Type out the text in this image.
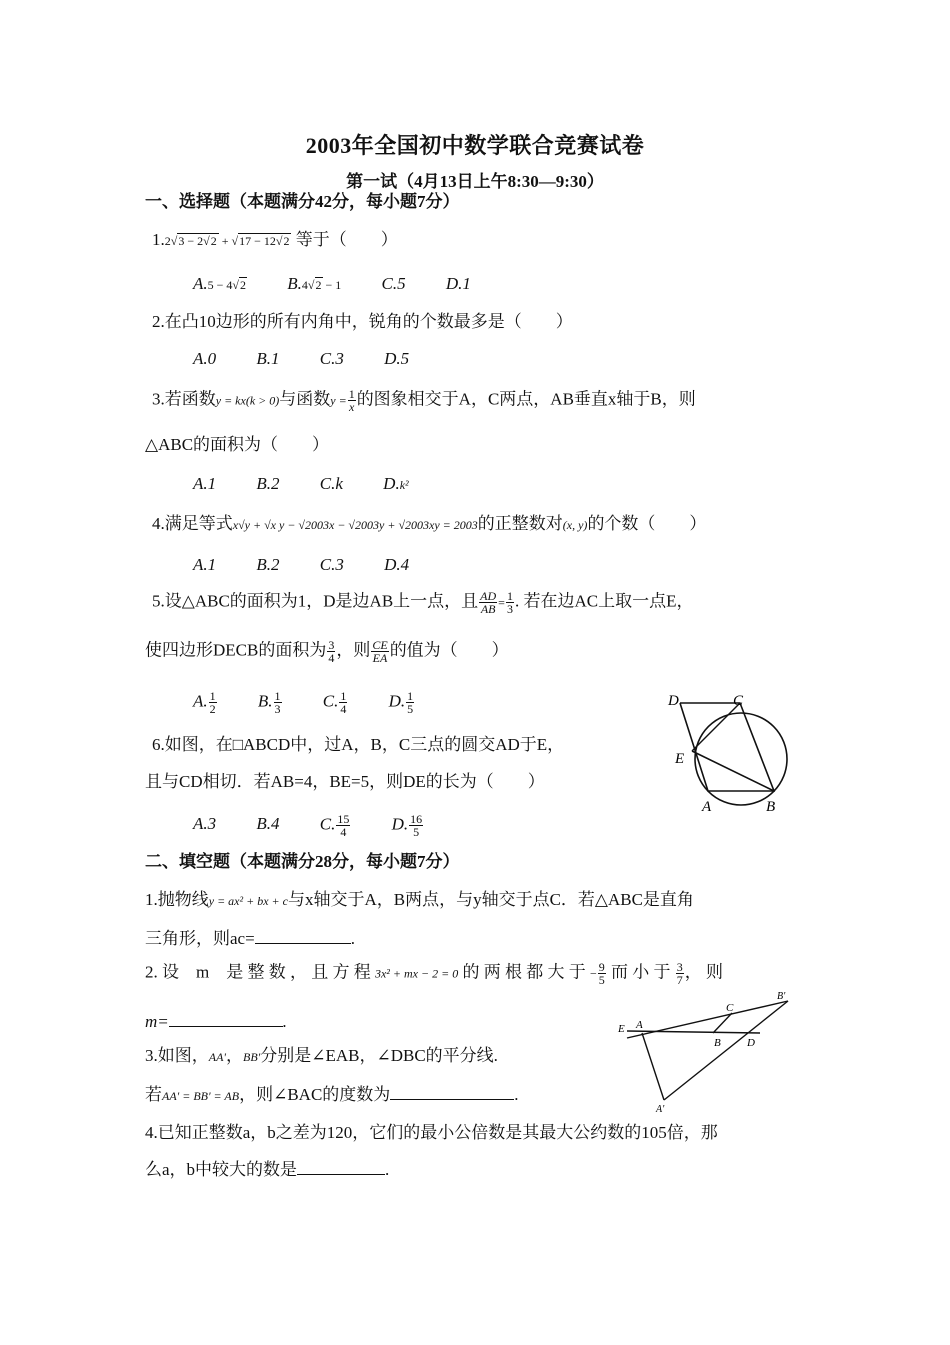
2003年全国初中数学联合竞赛试卷
第一试（4月13日上午8:30—9:30）
一、选择题（本题满分42分，每小题7分）
1.2√3 − 2√2 + √17 − 12√2 等于（　　）
A.5 − 4√2 B.4√2 − 1 C.5 D.1
2.在凸10边形的所有内角中，锐角的个数最多是（　　）
A.0 B.1 C.3 D.5
3.若函数y = kx(k > 0)与函数$y = \frac{1}{x}$ 的图象相交于A，C两点，AB垂直x轴于B，则
△ABC的面积为（　　）
A.1 B.2 C.k D.k²
4.满足等式x√y + √x y − √2003x − √2003y + √2003xy = 2003的正整数对(x, y)的个数（　　）
A.1 B.2 C.3 D.4
5.设△ABC的面积为1，D是边AB上一点，且 $\frac{AD}{AB} = \frac{1}{3}$ . 若在边AC上取一点E，
使四边形DECB的面积为 $\frac{3}{4}$ ，则 $\frac{CE}{EA}$ 的值为（　　）
A. $\frac{1}{2} B$. $\frac{1}{3} C$. $\frac{1}{4} D$. $\frac{1}{5}$
6.如图，在□ABCD中，过A，B，C三点的圆交AD于E，
且与CD相切．若AB=4，BE=5，则DE的长为（　　）
A.3 B.4 C. $\frac{15}{4} D$. $\frac{16}{5}$
D	C
E
A	B
二、填空题（本题满分28分，每小题7分）
1.抛物线y = ax² + bx + c与x轴交于A，B两点，与y轴交于点C．若△ABC是直角
三角形，则ac=	.
2. 设　m　是 整 数 ， 且 方 程 3x² + mx − 2 = 0 的 两 根 都 大 于 − $\frac{9}{5}$ 而 小 于 $\frac{3}{7}$ ， 则
m=	.
3.如图，AA'，BB'分别是∠EAB，∠DBC的平分线.
若AA' = BB' = AB，则∠BAC的度数为	.
E A
C
B'
B D
A'
4.已知正整数a，b之差为120，它们的最小公倍数是其最大公约数的105倍，那
么a，b中较大的数是	.
